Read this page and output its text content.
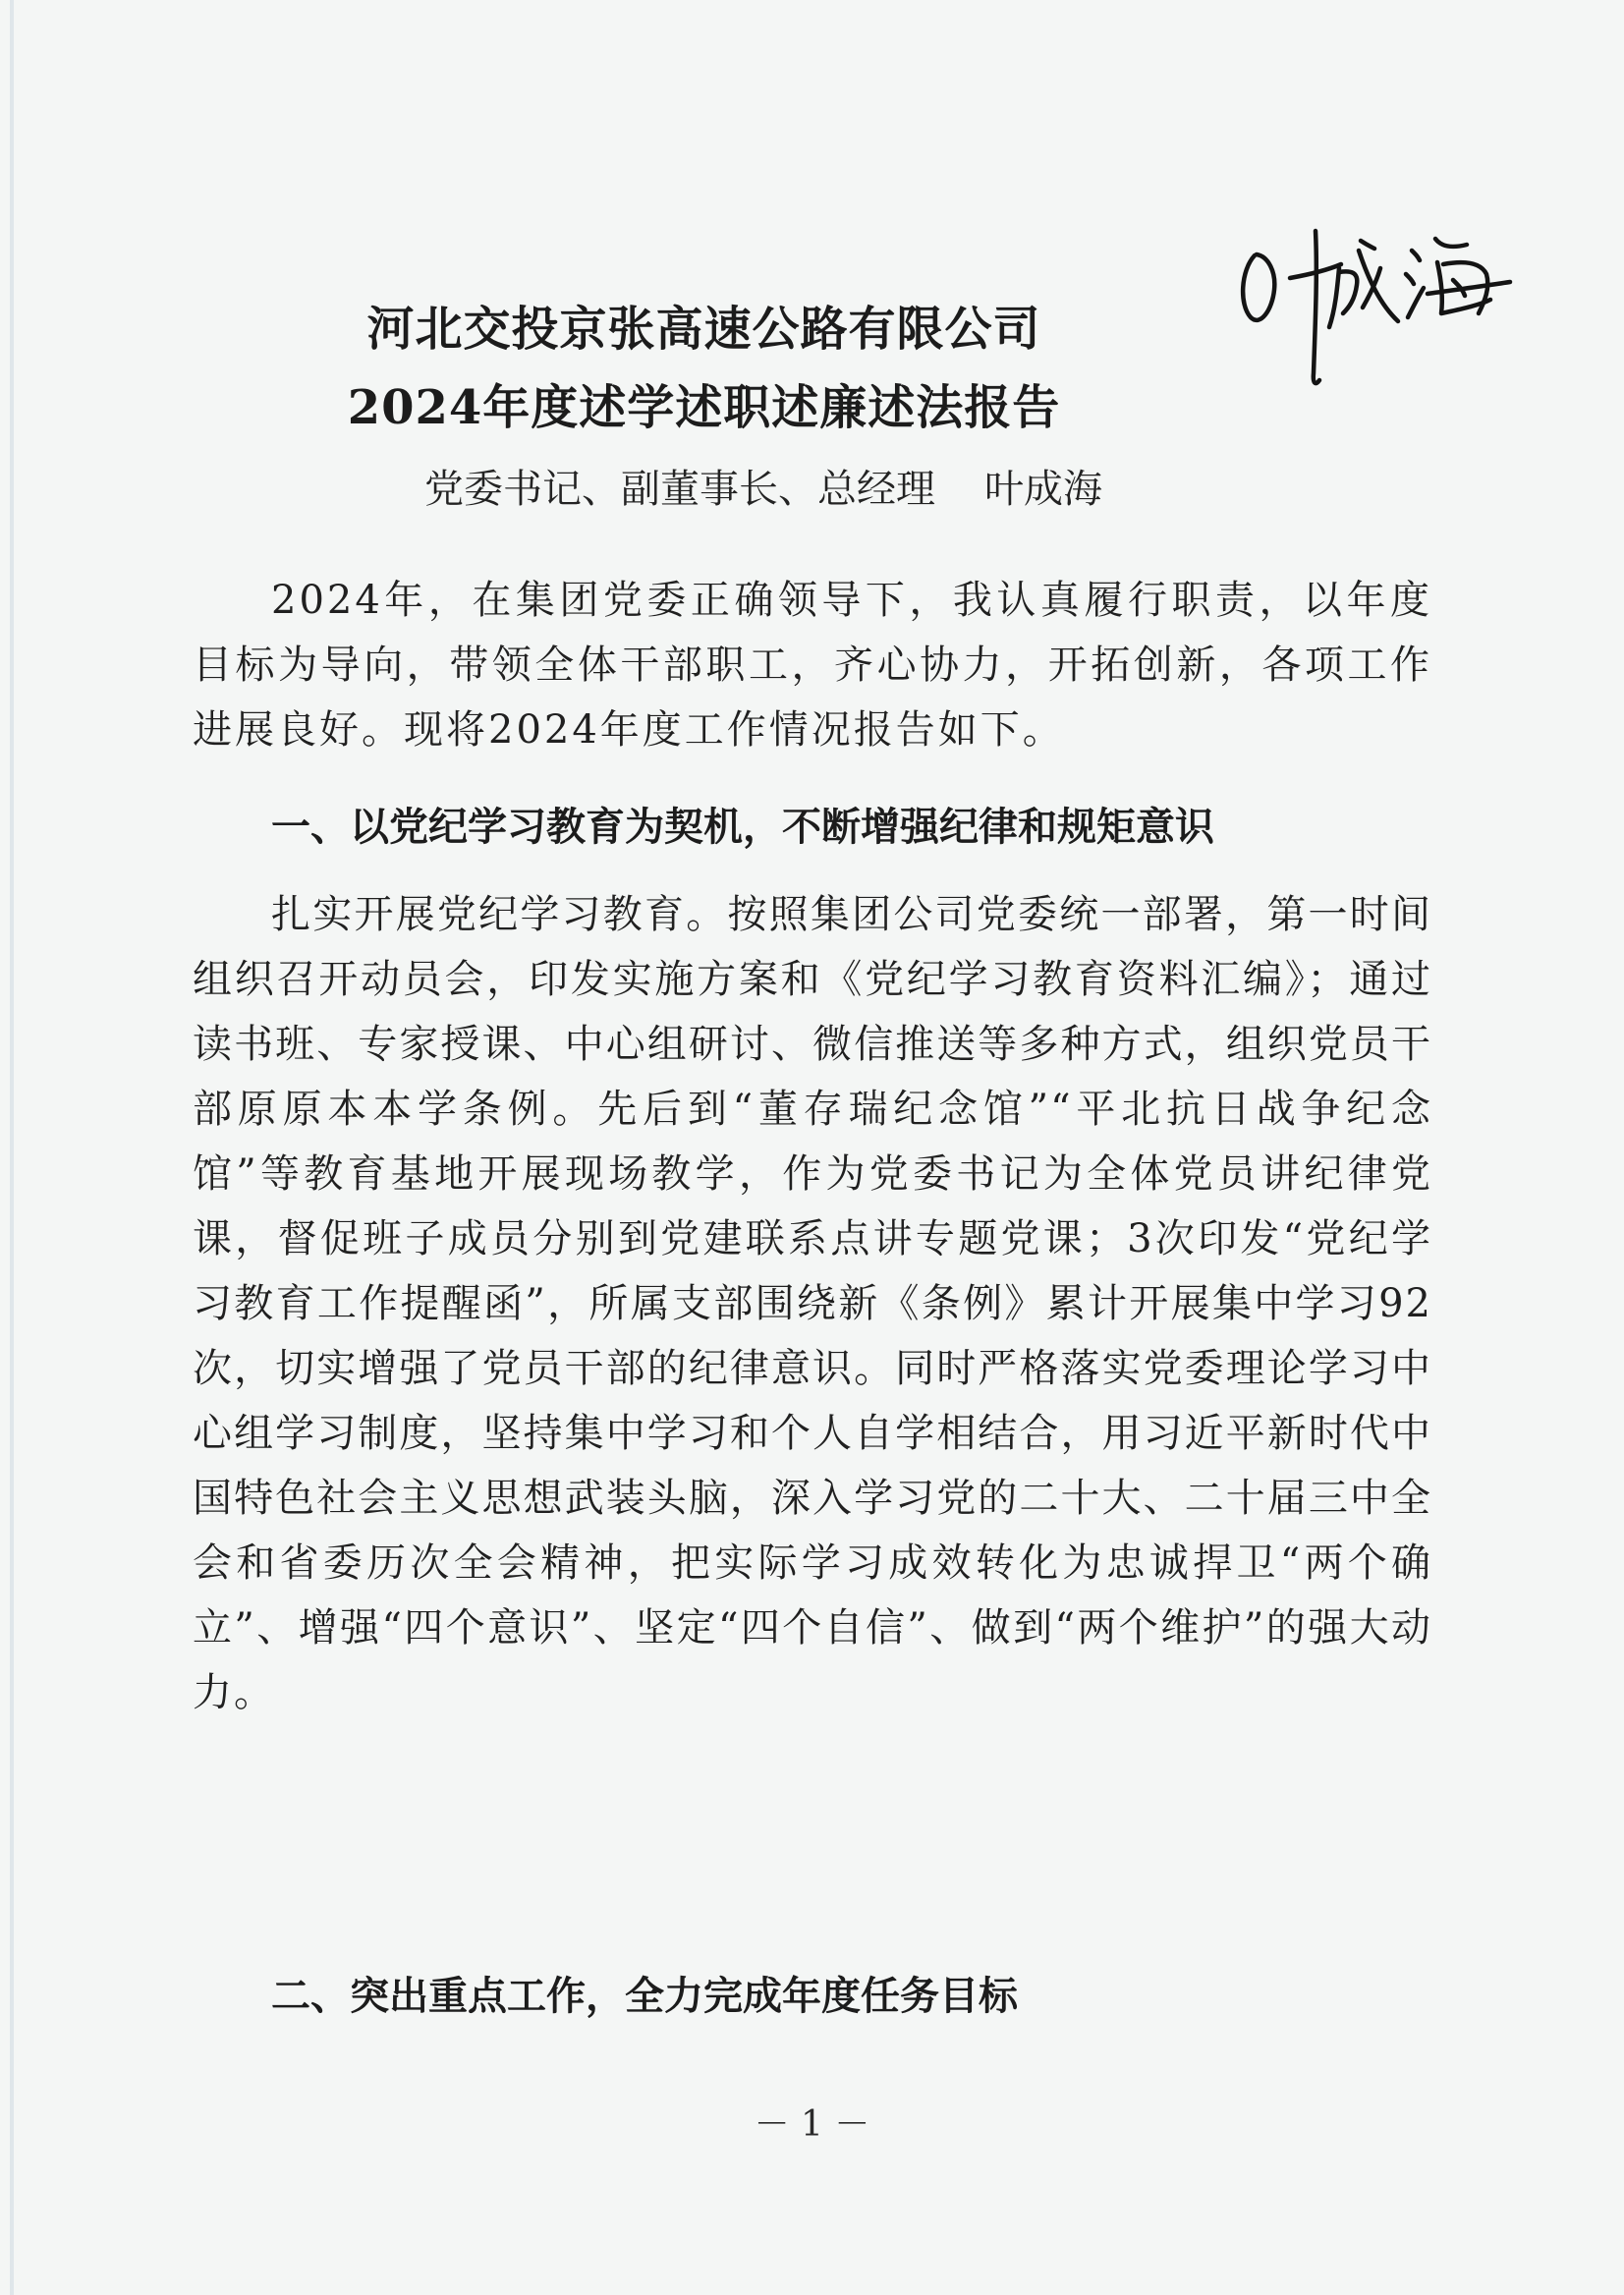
河北交投京张高速公路有限公司
2024年度述学述职述廉述法报告
党委书记、副董事长、总经理 叶成海

2024年，在集团党委正确领导下，我认真履行职责，以年度目标为导向，带领全体干部职工，齐心协力，开拓创新，各项工作进展良好。现将2024年度工作情况报告如下。

一、以党纪学习教育为契机，不断增强纪律和规矩意识

扎实开展党纪学习教育。按照集团公司党委统一部署，第一时间组织召开动员会，印发实施方案和《党纪学习教育资料汇编》；通过读书班、专家授课、中心组研讨、微信推送等多种方式，组织党员干部原原本本学条例。先后到“董存瑞纪念馆”“平北抗日战争纪念馆”等教育基地开展现场教学，作为党委书记为全体党员讲纪律党课，督促班子成员分别到党建联系点讲专题党课；3次印发“党纪学习教育工作提醒函”，所属支部围绕新《条例》累计开展集中学习92次，切实增强了党员干部的纪律意识。同时严格落实党委理论学习中心组学习制度，坚持集中学习和个人自学相结合，用习近平新时代中国特色社会主义思想武装头脑，深入学习党的二十大、二十届三中全会和省委历次全会精神，把实际学习成效转化为忠诚捍卫“两个确立”、增强“四个意识”、坚定“四个自信”、做到“两个维护”的强大动力。

二、突出重点工作，全力完成年度任务目标
－ 1 －
